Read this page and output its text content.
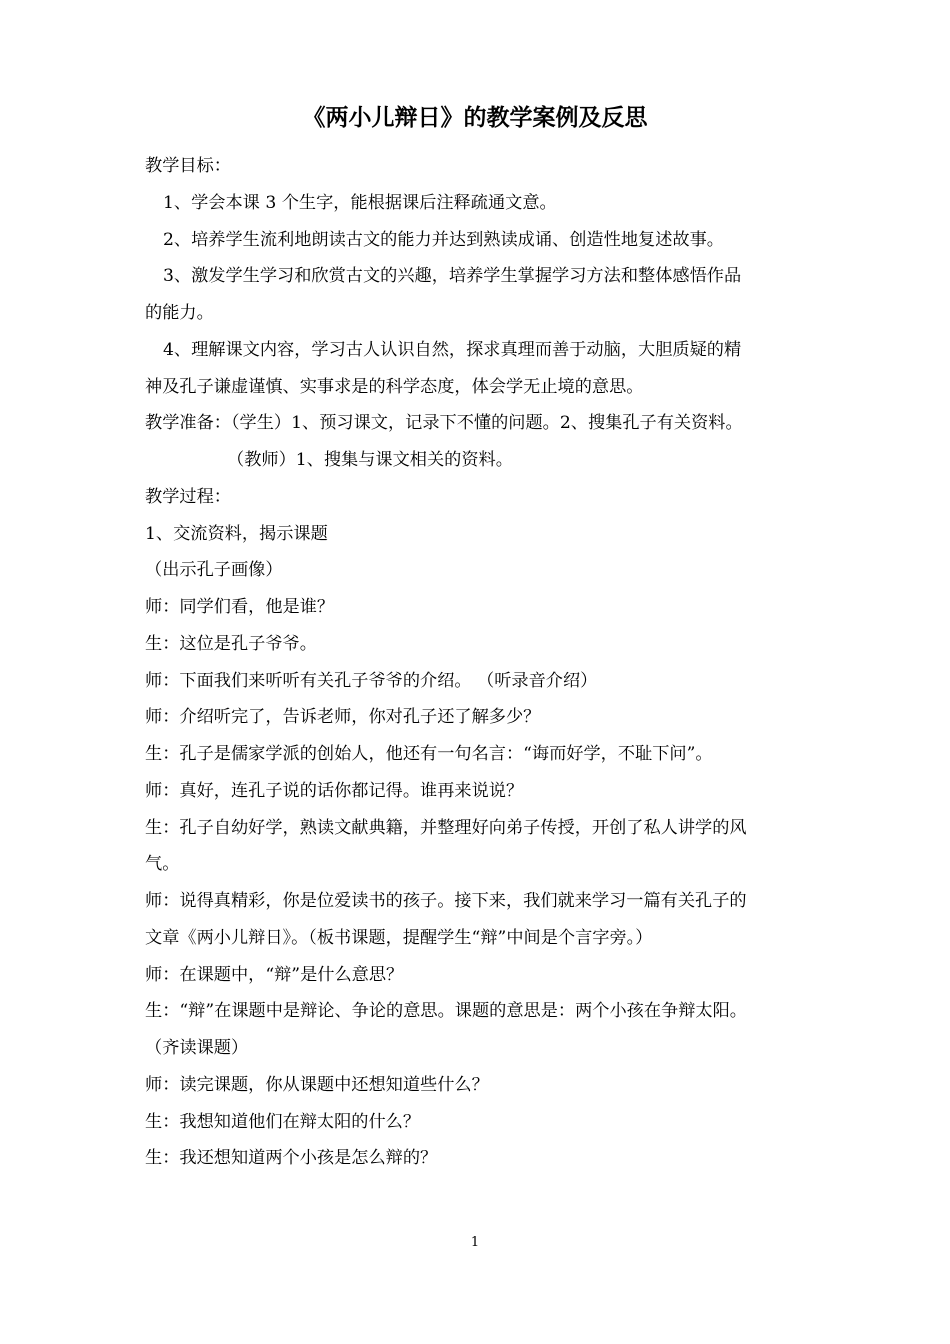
《两小儿辩日》的教学案例及反思
教学目标：
1、学会本课 3 个生字，能根据课后注释疏通文意。
2、培养学生流利地朗读古文的能力并达到熟读成诵、创造性地复述故事。
3、激发学生学习和欣赏古文的兴趣，培养学生掌握学习方法和整体感悟作品
的能力。
4、理解课文内容，学习古人认识自然，探求真理而善于动脑，大胆质疑的精
神及孔子谦虚谨慎、实事求是的科学态度，体会学无止境的意思。
教学准备：（学生）1、预习课文，记录下不懂的问题。2、搜集孔子有关资料。
（教师）1、搜集与课文相关的资料。
教学过程：
1、交流资料，揭示课题
（出示孔子画像）
师：同学们看，他是谁？
生：这位是孔子爷爷。
师：下面我们来听听有关孔子爷爷的介绍。 （听录音介绍）
师：介绍听完了，告诉老师，你对孔子还了解多少？
生：孔子是儒家学派的创始人，他还有一句名言：“诲而好学，不耻下问”。
师：真好，连孔子说的话你都记得。谁再来说说？
生：孔子自幼好学，熟读文献典籍，并整理好向弟子传授，开创了私人讲学的风
气。
师：说得真精彩，你是位爱读书的孩子。接下来，我们就来学习一篇有关孔子的
文章《两小儿辩日》。（板书课题，提醒学生“辩”中间是个言字旁。）
师：在课题中，“辩”是什么意思？
生：“辩”在课题中是辩论、争论的意思。课题的意思是：两个小孩在争辩太阳。
（齐读课题）
师：读完课题，你从课题中还想知道些什么？
生：我想知道他们在辩太阳的什么？
生：我还想知道两个小孩是怎么辩的？
1
